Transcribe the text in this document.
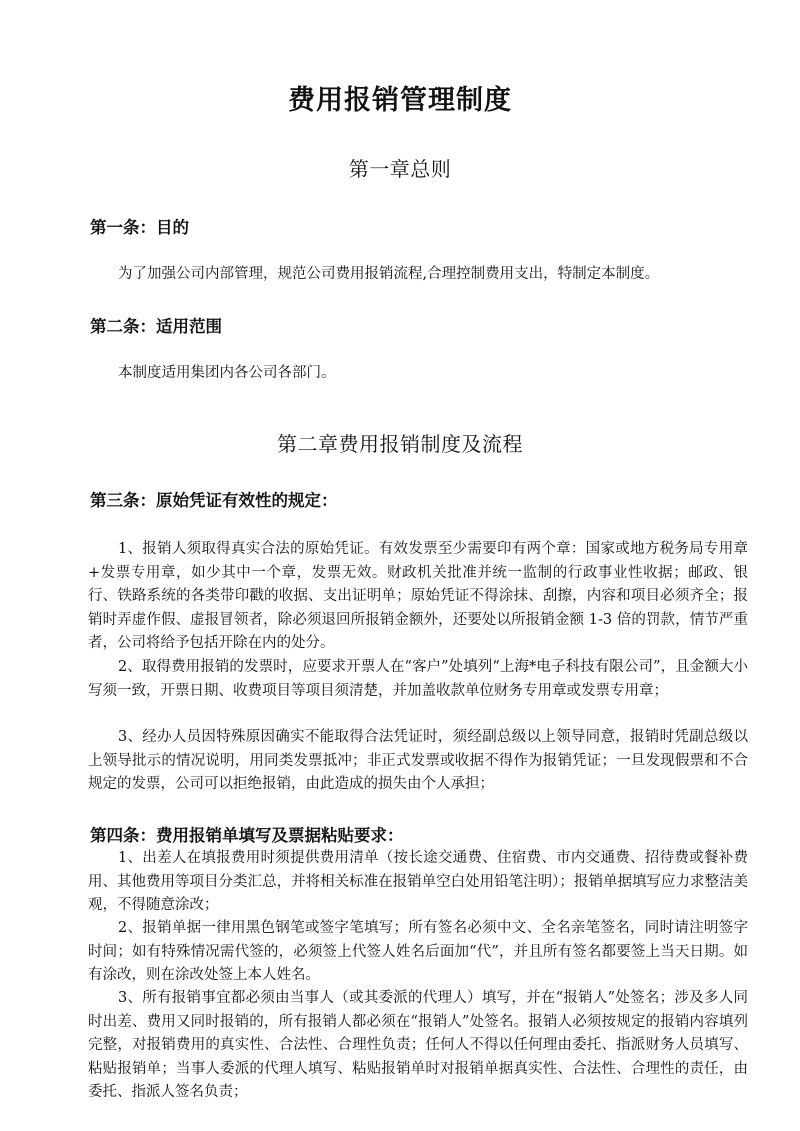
费用报销管理制度
第一章总则
第一条：目的
为了加强公司内部管理，规范公司费用报销流程,合理控制费用支出，特制定本制度。
第二条：适用范围
本制度适用集团内各公司各部门。
第二章费用报销制度及流程
第三条：原始凭证有效性的规定：

1、报销人须取得真实合法的原始凭证。有效发票至少需要印有两个章：国家或地方税务局专用章+发票专用章，如少其中一个章，发票无效。财政机关批准并统一监制的行政事业性收据；邮政、银行、铁路系统的各类带印戳的收据、支出证明单；原始凭证不得涂抹、刮擦，内容和项目必须齐全；报销时弄虚作假、虚报冒领者，除必须退回所报销金额外，还要处以所报销金额 1-3 倍的罚款，情节严重者，公司将给予包括开除在内的处分。

2、取得费用报销的发票时，应要求开票人在“客户”处填列“上海*电子科技有限公司”，且金额大小写须一致，开票日期、收费项目等项目须清楚，并加盖收款单位财务专用章或发票专用章；

3、经办人员因特殊原因确实不能取得合法凭证时，须经副总级以上领导同意，报销时凭副总级以上领导批示的情况说明，用同类发票抵冲；非正式发票或收据不得作为报销凭证；一旦发现假票和不合规定的发票，公司可以拒绝报销，由此造成的损失由个人承担；

第四条：费用报销单填写及票据粘贴要求：

1、出差人在填报费用时须提供费用清单（按长途交通费、住宿费、市内交通费、招待费或餐补费用、其他费用等项目分类汇总，并将相关标准在报销单空白处用铅笔注明）；报销单据填写应力求整洁美观，不得随意涂改；

2、报销单据一律用黑色钢笔或签字笔填写；所有签名必须中文、全名亲笔签名，同时请注明签字时间；如有特殊情况需代签的，必须签上代签人姓名后面加“代”，并且所有签名都要签上当天日期。如有涂改，则在涂改处签上本人姓名。

3、所有报销事宜都必须由当事人（或其委派的代理人）填写，并在“报销人”处签名；涉及多人同时出差、费用又同时报销的，所有报销人都必须在“报销人”处签名。报销人必须按规定的报销内容填列完整，对报销费用的真实性、合法性、合理性负责；任何人不得以任何理由委托、指派财务人员填写、粘贴报销单；当事人委派的代理人填写、粘贴报销单时对报销单据真实性、合法性、合理性的责任，由委托、指派人签名负责；
